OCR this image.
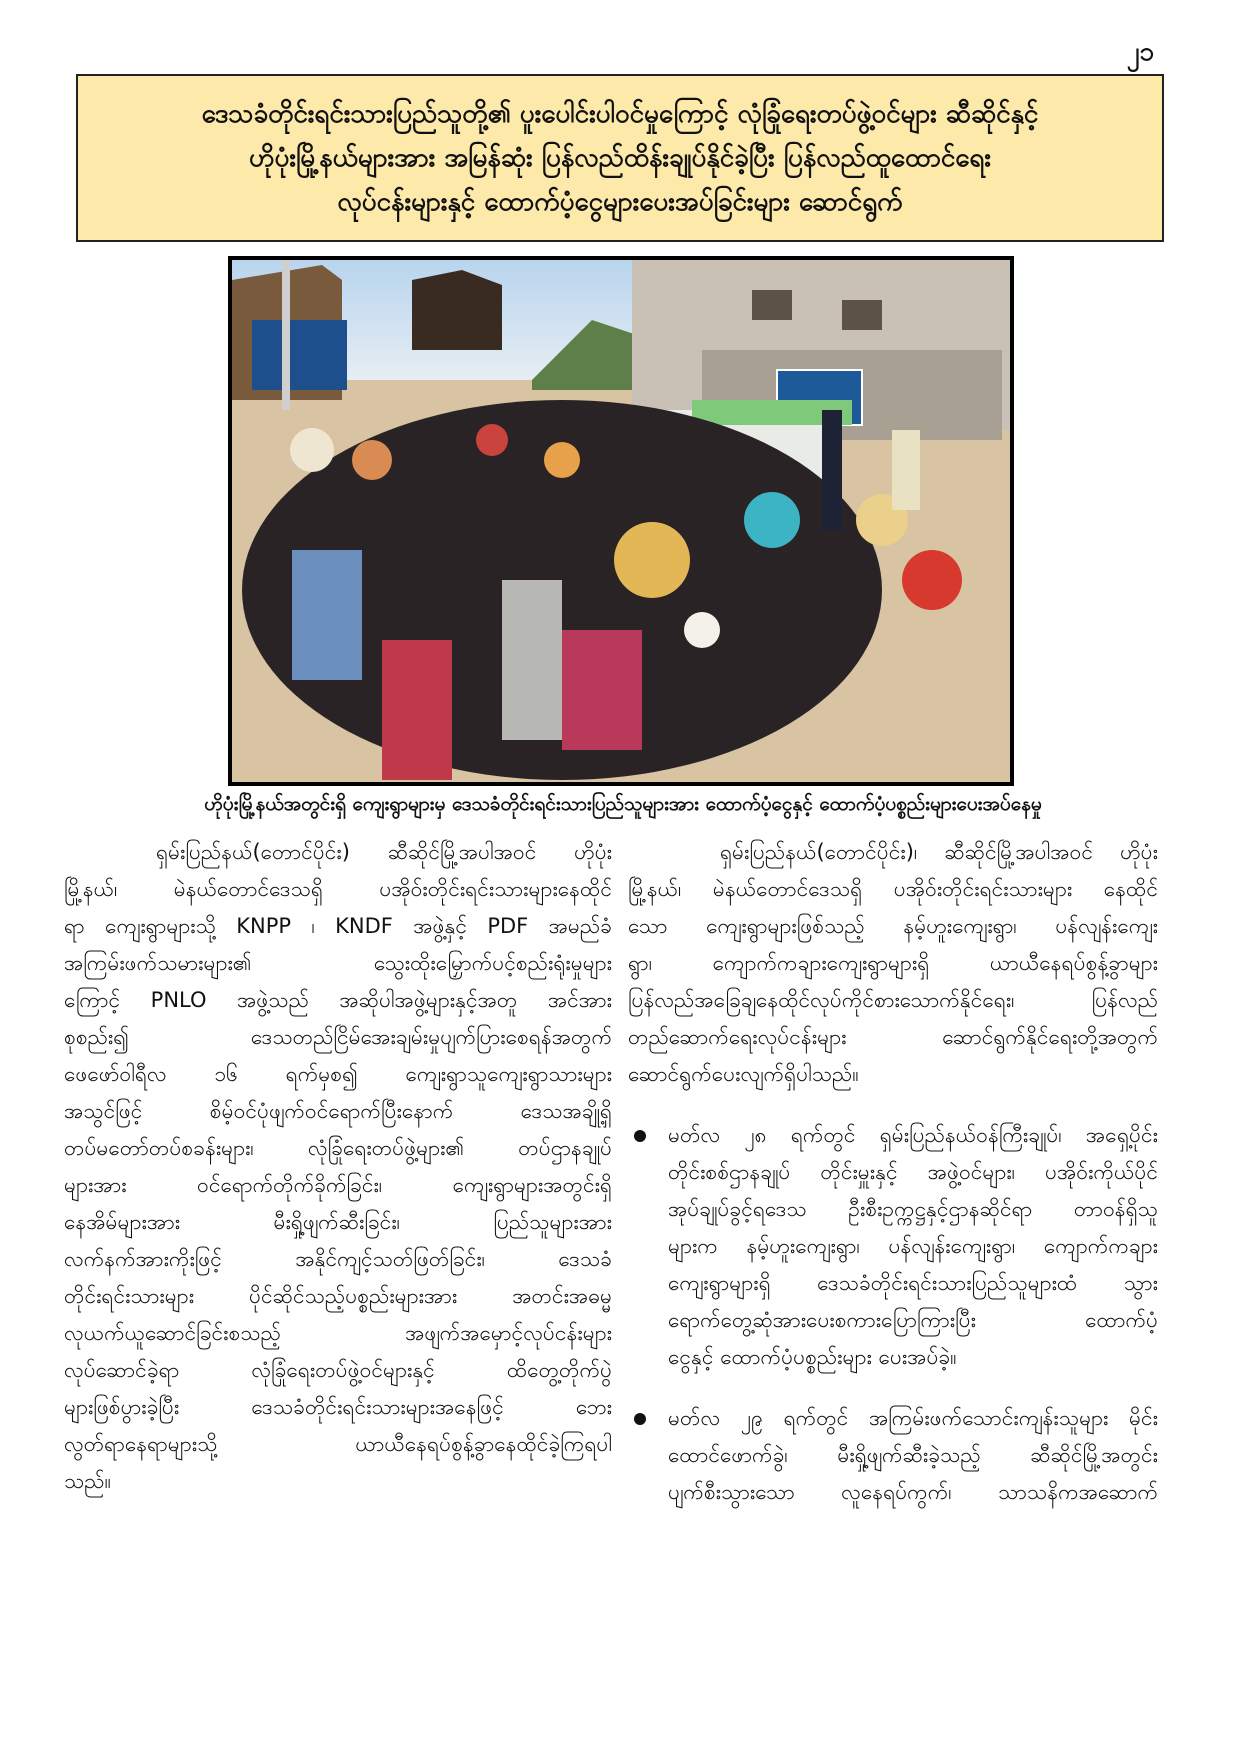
၂၁
ဒေသခံတိုင်းရင်းသားပြည်သူတို့၏ ပူးပေါင်းပါဝင်မှုကြောင့် လုံခြုံရေးတပ်ဖွဲ့ဝင်များ ဆီဆိုင်နှင့်
ဟိုပုံးမြို့နယ်များအား အမြန်ဆုံး ပြန်လည်ထိန်းချုပ်နိုင်ခဲ့ပြီး ပြန်လည်ထူထောင်ရေး
လုပ်ငန်းများနှင့် ထောက်ပံ့ငွေများပေးအပ်ခြင်းများ ဆောင်ရွက်
ဟိုပုံးမြို့နယ်အတွင်းရှိ ကျေးရွာများမှ ဒေသခံတိုင်းရင်းသားပြည်သူများအား ထောက်ပံ့ငွေနှင့် ထောက်ပံ့ပစ္စည်းများပေးအပ်နေမှု
ရှမ်းပြည်နယ်(တောင်ပိုင်း) ဆီဆိုင်မြို့အပါအဝင် ဟိုပုံး
မြို့နယ်၊ မဲနယ်တောင်ဒေသရှိ ပအိုဝ်းတိုင်းရင်းသားများနေထိုင်
ရာ ကျေးရွာများသို့ KNPP ၊ KNDF အဖွဲ့နှင့် PDF အမည်ခံ
အကြမ်းဖက်သမားများ၏ သွေးထိုးမြှောက်ပင့်စည်းရုံးမှုများ
ကြောင့် PNLO အဖွဲ့သည် အဆိုပါအဖွဲ့များနှင့်အတူ အင်အား
စုစည်း၍ ဒေသတည်ငြိမ်အေးချမ်းမှုပျက်ပြားစေရန်အတွက်
ဖေဖော်ဝါရီလ ၁၆ ရက်မှစ၍ ကျေးရွာသူကျေးရွာသားများ
အသွင်ဖြင့် စိမ့်ဝင်ပုံဖျက်ဝင်ရောက်ပြီးနောက် ဒေသအချို့ရှိ
တပ်မတော်တပ်စခန်းများ၊ လုံခြုံရေးတပ်ဖွဲ့များ၏ တပ်ဌာနချုပ်
များအား ဝင်ရောက်တိုက်ခိုက်ခြင်း၊ ကျေးရွာများအတွင်းရှိ
နေအိမ်များအား မီးရှို့ဖျက်ဆီးခြင်း၊ ပြည်သူများအား
လက်နက်အားကိုးဖြင့် အနိုင်ကျင့်သတ်ဖြတ်ခြင်း၊ ဒေသခံ
တိုင်းရင်းသားများ ပိုင်ဆိုင်သည့်ပစ္စည်းများအား အတင်းအဓမ္မ
လုယက်ယူဆောင်ခြင်းစသည့် အဖျက်အမှောင့်လုပ်ငန်းများ
လုပ်ဆောင်ခဲ့ရာ လုံခြုံရေးတပ်ဖွဲ့ဝင်များနှင့် ထိတွေ့တိုက်ပွဲ
များဖြစ်ပွားခဲ့ပြီး ဒေသခံတိုင်းရင်းသားများအနေဖြင့် ဘေး
လွတ်ရာနေရာများသို့ ယာယီနေရပ်စွန့်ခွာနေထိုင်ခဲ့ကြရပါ
သည်။
ရှမ်းပြည်နယ်(တောင်ပိုင်း)၊ ဆီဆိုင်မြို့အပါအဝင် ဟိုပုံး
မြို့နယ်၊ မဲနယ်တောင်ဒေသရှိ ပအိုဝ်းတိုင်းရင်းသားများ နေထိုင်
သော ကျေးရွာများဖြစ်သည့် နမ့်ဟူးကျေးရွာ၊ ပန်လျန်းကျေး
ရွာ၊ ကျောက်ကချားကျေးရွာများရှိ ယာယီနေရပ်စွန့်ခွာများ
ပြန်လည်အခြေချနေထိုင်လုပ်ကိုင်စားသောက်နိုင်ရေး၊ ပြန်လည်
တည်ဆောက်ရေးလုပ်ငန်းများ ဆောင်ရွက်နိုင်ရေးတို့အတွက်
ဆောင်ရွက်ပေးလျက်ရှိပါသည်။
မတ်လ ၂၈ ရက်တွင် ရှမ်းပြည်နယ်ဝန်ကြီးချုပ်၊ အရှေ့ပိုင်း
တိုင်းစစ်ဌာနချုပ် တိုင်းမှူးနှင့် အဖွဲ့ဝင်များ၊ ပအိုဝ်းကိုယ်ပိုင်
အုပ်ချုပ်ခွင့်ရဒေသ ဦးစီးဥက္ကဋ္ဌနှင့်ဌာနဆိုင်ရာ တာဝန်ရှိသူ
များက နမ့်ဟူးကျေးရွာ၊ ပန်လျန်းကျေးရွာ၊ ကျောက်ကချား
ကျေးရွာများရှိ ဒေသခံတိုင်းရင်းသားပြည်သူများထံ သွား
ရောက်တွေ့ဆုံအားပေးစကားပြောကြားပြီး ထောက်ပံ့
ငွေနှင့် ထောက်ပံ့ပစ္စည်းများ ပေးအပ်ခဲ့။
မတ်လ ၂၉ ရက်တွင် အကြမ်းဖက်သောင်းကျန်းသူများ မိုင်း
ထောင်ဖောက်ခွဲ၊ မီးရှို့ဖျက်ဆီးခဲ့သည့် ဆီဆိုင်မြို့အတွင်း
ပျက်စီးသွားသော လူနေရပ်ကွက်၊ သာသနိကအဆောက်
